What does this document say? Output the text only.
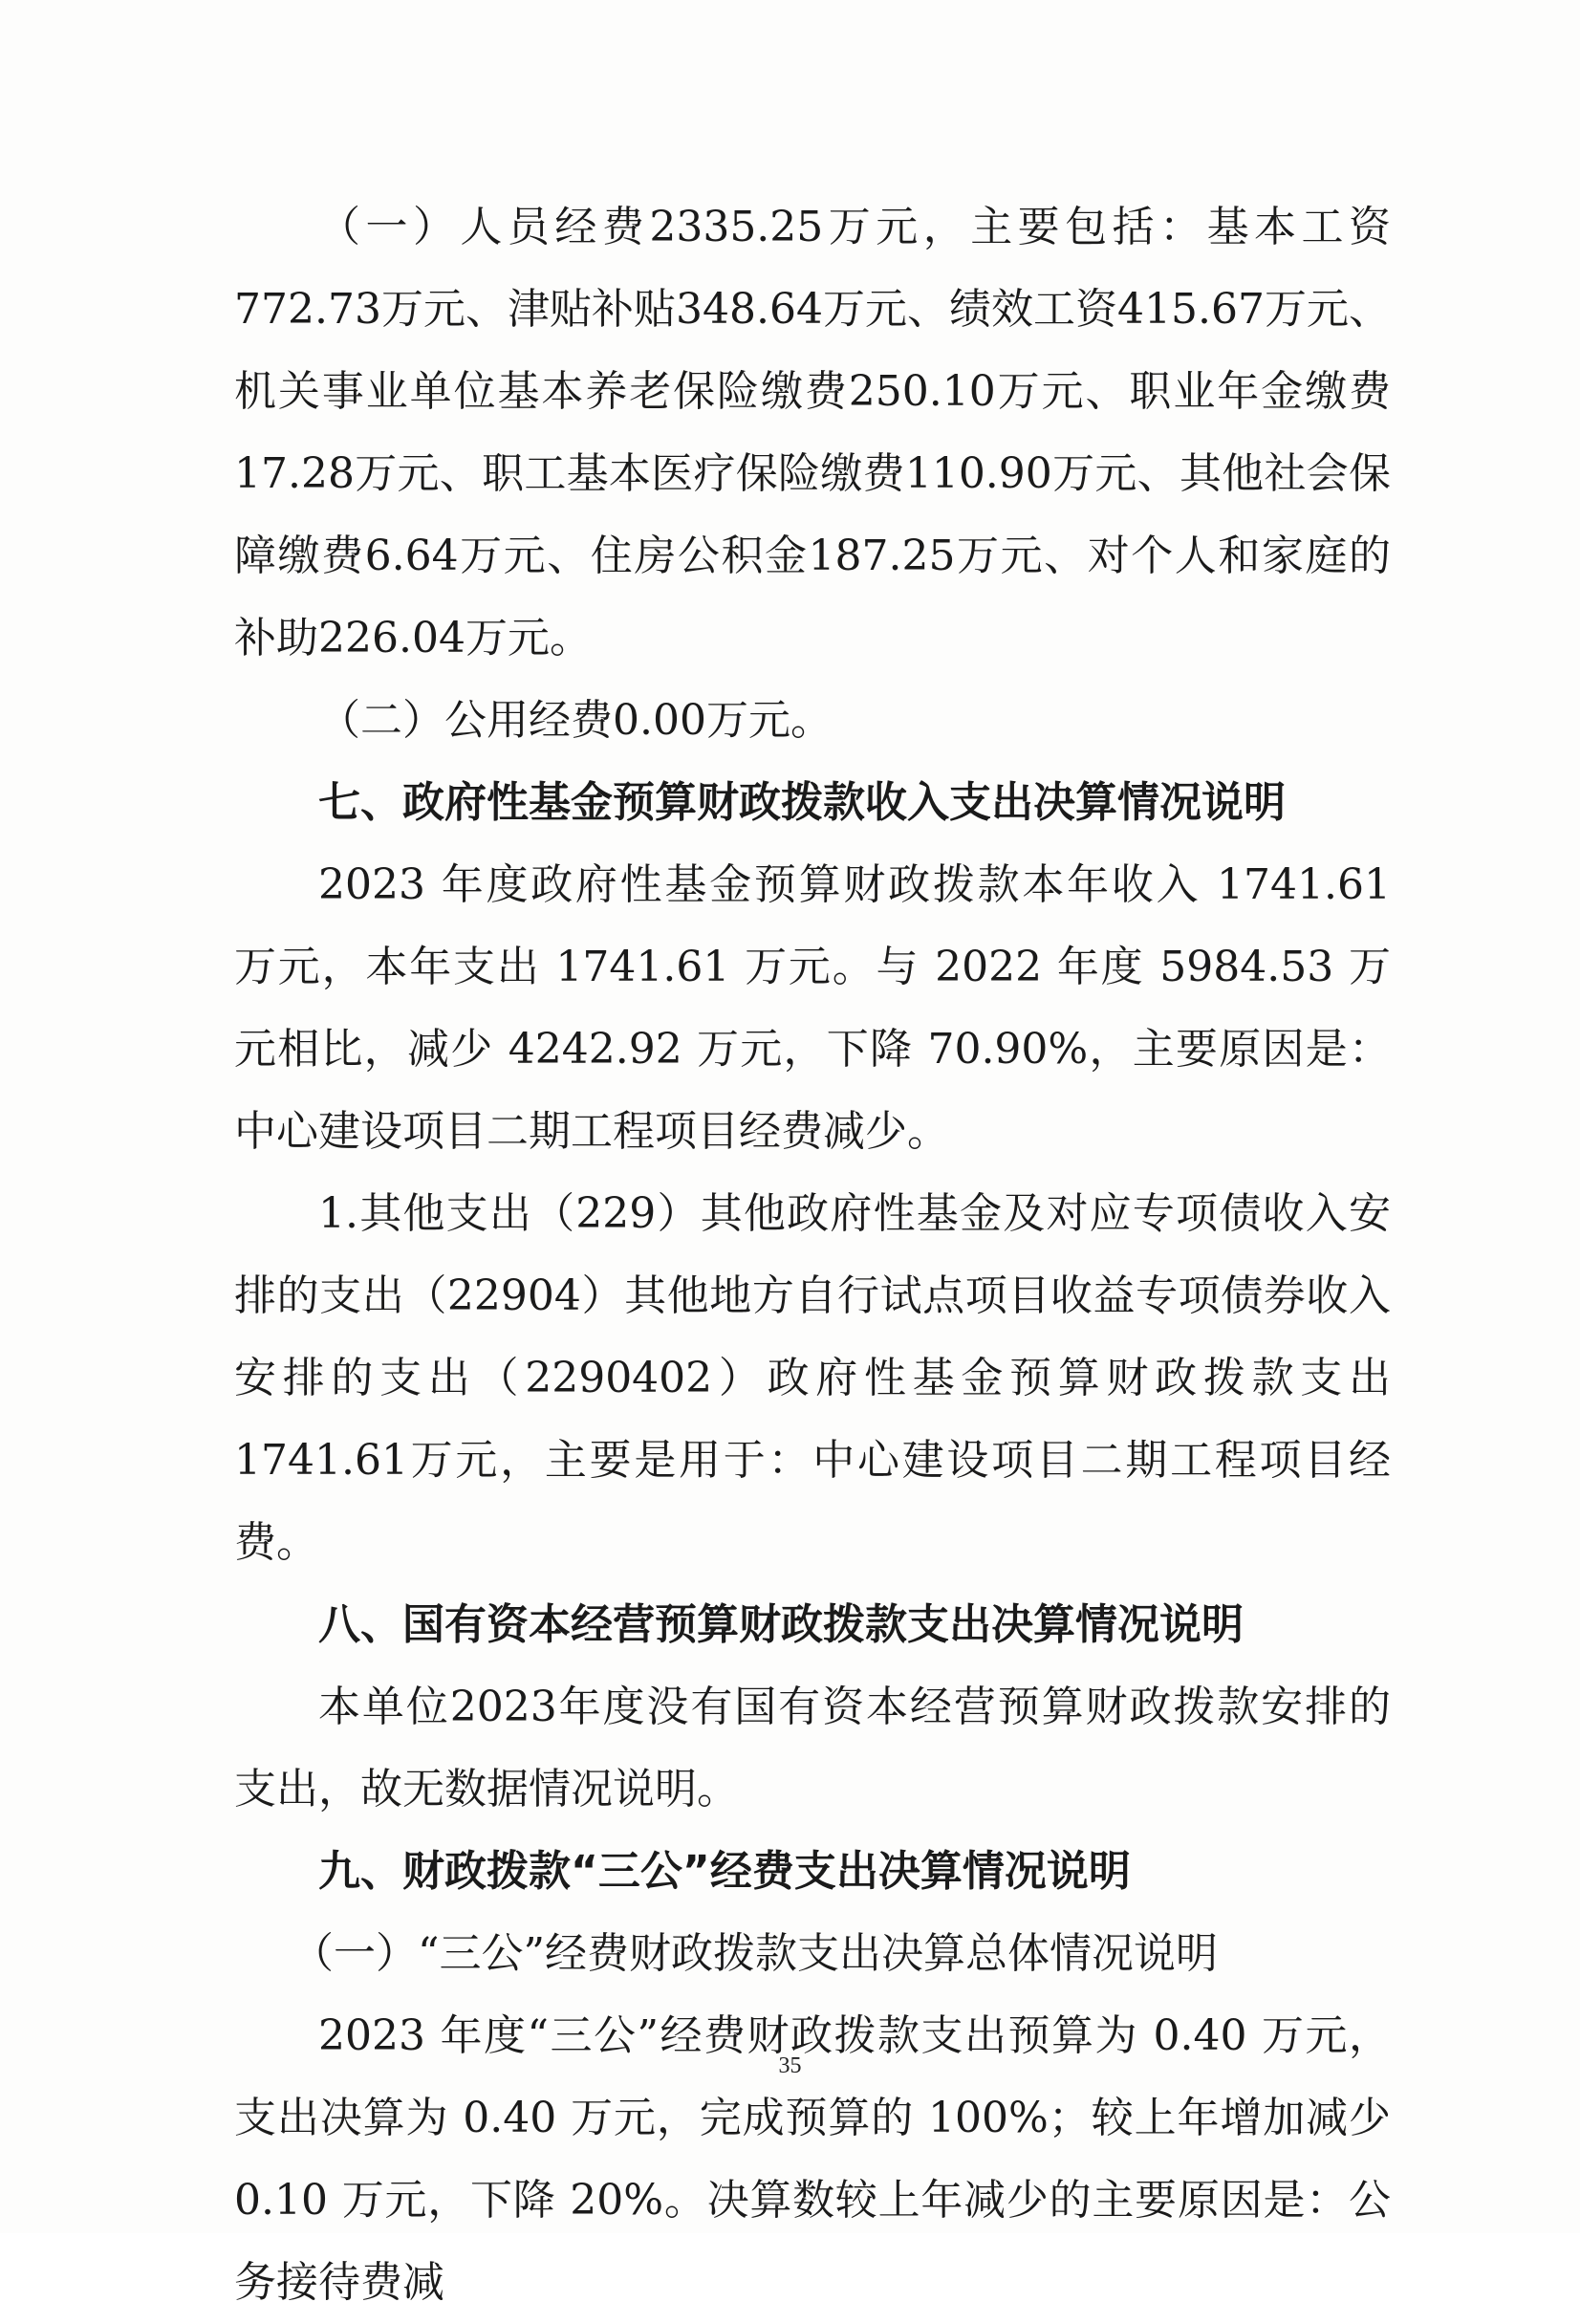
（一）人员经费2335.25万元，主要包括：基本工资772.73万元、津贴补贴348.64万元、绩效工资415.67万元、机关事业单位基本养老保险缴费250.10万元、职业年金缴费17.28万元、职工基本医疗保险缴费110.90万元、其他社会保障缴费6.64万元、住房公积金187.25万元、对个人和家庭的补助226.04万元。

（二）公用经费0.00万元。

七、政府性基金预算财政拨款收入支出决算情况说明

2023 年度政府性基金预算财政拨款本年收入 1741.61 万元，本年支出 1741.61 万元。与 2022 年度 5984.53 万元相比，减少 4242.92 万元，下降 70.90%，主要原因是：中心建设项目二期工程项目经费减少。

1.其他支出（229）其他政府性基金及对应专项债收入安排的支出（22904）其他地方自行试点项目收益专项债券收入安排的支出（2290402）政府性基金预算财政拨款支出1741.61万元，主要是用于：中心建设项目二期工程项目经费。

八、国有资本经营预算财政拨款支出决算情况说明

本单位2023年度没有国有资本经营预算财政拨款安排的支出，故无数据情况说明。

九、财政拨款“三公”经费支出决算情况说明

（一）“三公”经费财政拨款支出决算总体情况说明

2023 年度“三公”经费财政拨款支出预算为 0.40 万元，支出决算为 0.40 万元，完成预算的 100%；较上年增加减少 0.10 万元，下降 20%。决算数较上年减少的主要原因是：公务接待费减

35
